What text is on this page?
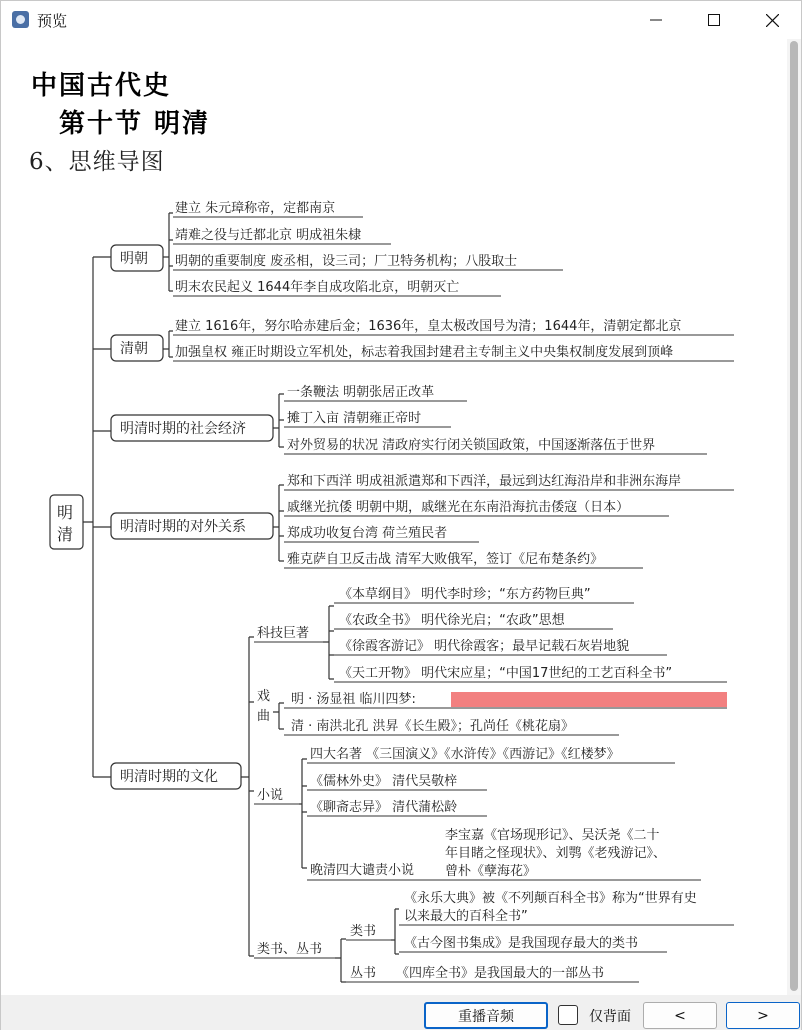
预览
中国古代史
第十节 明清
6、思维导图
明
清
明朝
建立 朱元璋称帝，定都南京
靖难之役与迁都北京 明成祖朱棣
明朝的重要制度 废丞相，设三司；厂卫特务机构；八股取士
明末农民起义 1644年李自成攻陷北京，明朝灭亡
清朝
建立 1616年，努尔哈赤建后金；1636年，皇太极改国号为清；1644年，清朝定都北京
加强皇权 雍正时期设立军机处，标志着我国封建君主专制主义中央集权制度发展到顶峰
明清时期的社会经济
一条鞭法 明朝张居正改革
摊丁入亩 清朝雍正帝时
对外贸易的状况 清政府实行闭关锁国政策，中国逐渐落伍于世界
明清时期的对外关系
郑和下西洋 明成祖派遣郑和下西洋，最远到达红海沿岸和非洲东海岸
戚继光抗倭 明朝中期，戚继光在东南沿海抗击倭寇（日本）
郑成功收复台湾 荷兰殖民者
雅克萨自卫反击战 清军大败俄军，签订《尼布楚条约》
明清时期的文化
科技巨著
《本草纲目》 明代李时珍；“东方药物巨典”
《农政全书》 明代徐光启；“农政”思想
《徐霞客游记》 明代徐霞客；最早记载石灰岩地貌
《天工开物》 明代宋应星；“中国17世纪的工艺百科全书”
戏
曲
明 · 汤显祖 临川四梦:
清 · 南洪北孔 洪昇《长生殿》；孔尚任《桃花扇》
小说
四大名著 《三国演义》《水浒传》《西游记》《红楼梦》
《儒林外史》 清代吴敬梓
《聊斋志异》 清代蒲松龄
晚清四大谴责小说
李宝嘉《官场现形记》、吴沃尧《二十
年目睹之怪现状》、刘鹗《老残游记》、
曾朴《孽海花》
类书、丛书
类书
《永乐大典》被《不列颠百科全书》称为“世界有史
以来最大的百科全书”
《古今图书集成》是我国现存最大的类书
丛书 《四库全书》是我国最大的一部丛书
重播音频	仅背面	<	>
